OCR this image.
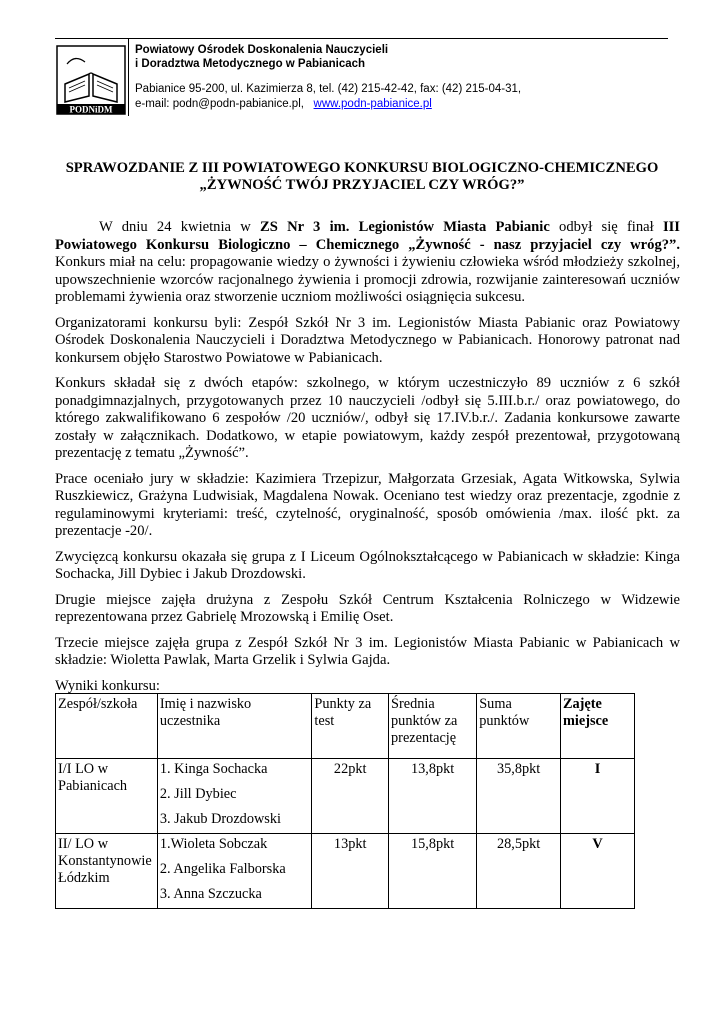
PODNiDM
Powiatowy Ośrodek Doskonalenia Nauczycieli
i Doradztwa Metodycznego w Pabianicach
Pabianice 95-200, ul. Kazimierza 8, tel. (42) 215-42-42, fax: (42) 215-04-31,
e-mail: podn@podn-pabianice.pl, www.podn-pabianice.pl
SPRAWOZDANIE Z III POWIATOWEGO KONKURSU BIOLOGICZNO-CHEMICZNEGO
„ŻYWNOŚĆ TWÓJ PRZYJACIEL CZY WRÓG?”

W dniu 24 kwietnia w ZS Nr 3 im. Legionistów Miasta Pabianic odbył się finał III Powiatowego Konkursu Biologiczno – Chemicznego „Żywność - nasz przyjaciel czy wróg?”. Konkurs miał na celu: propagowanie wiedzy o żywności i żywieniu człowieka wśród młodzieży szkolnej, upowszechnienie wzorców racjonalnego żywienia i promocji zdrowia, rozwijanie zainteresowań uczniów problemami żywienia oraz stworzenie uczniom możliwości osiągnięcia sukcesu.

Organizatorami konkursu byli: Zespół Szkół Nr 3 im. Legionistów Miasta Pabianic oraz Powiatowy Ośrodek Doskonalenia Nauczycieli i Doradztwa Metodycznego w Pabianicach. Honorowy patronat nad konkursem objęło Starostwo Powiatowe w Pabianicach.

Konkurs składał się z dwóch etapów: szkolnego, w którym uczestniczyło 89 uczniów z 6 szkół ponadgimnazjalnych, przygotowanych przez 10 nauczycieli /odbył się 5.III.b.r./ oraz powiatowego, do którego zakwalifikowano 6 zespołów /20 uczniów/, odbył się 17.IV.b.r./. Zadania konkursowe zawarte zostały w załącznikach. Dodatkowo, w etapie powiatowym, każdy zespół prezentował, przygotowaną prezentację z tematu „Żywność”.

Prace oceniało jury w składzie: Kazimiera Trzepizur, Małgorzata Grzesiak, Agata Witkowska, Sylwia Ruszkiewicz, Grażyna Ludwisiak, Magdalena Nowak. Oceniano test wiedzy oraz prezentacje, zgodnie z regulaminowymi kryteriami: treść, czytelność, oryginalność, sposób omówienia /max. ilość pkt. za prezentacje -20/.

Zwycięzcą konkursu okazała się grupa z I Liceum Ogólnokształcącego w Pabianicach w składzie: Kinga Sochacka, Jill Dybiec i Jakub Drozdowski.

Drugie miejsce zajęła drużyna z Zespołu Szkół Centrum Kształcenia Rolniczego w Widzewie reprezentowana przez Gabrielę Mrozowską i Emilię Oset.

Trzecie miejsce zajęła grupa z Zespół Szkół Nr 3 im. Legionistów Miasta Pabianic w Pabianicach w składzie: Wioletta Pawlak, Marta Grzelik i Sylwia Gajda.

Wyniki konkursu:

Zespół/szkoła	Imię i nazwisko uczestnika	Punkty za test	Średnia punktów za prezentację	Suma punktów	Zajęte miejsce
I/I LO w Pabianicach	1. Kinga Sochacka
2. Jill Dybiec
3. Jakub Drozdowski	22pkt	13,8pkt	35,8pkt	I
II/ LO w Konstantynowie Łódzkim	1.Wioleta Sobczak
2. Angelika Falborska
3. Anna Szczucka	13pkt	15,8pkt	28,5pkt	V
